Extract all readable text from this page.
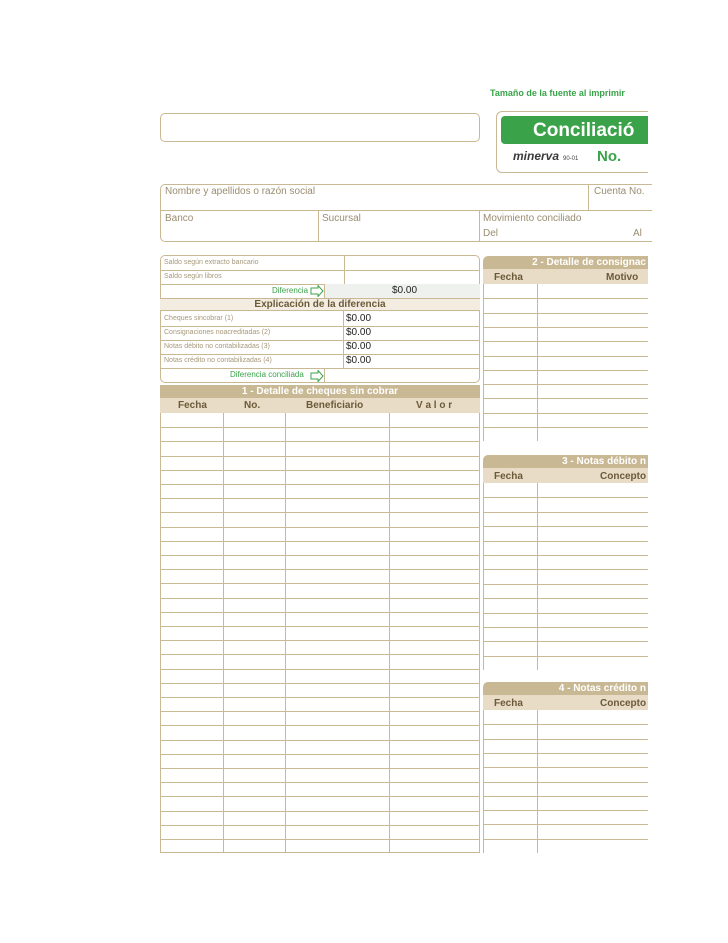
Tamaño de la fuente al imprimir
Conciliació
minerva 90-01 No.
Nombre y apellidos o razón social	Cuenta No.
Banco	Sucursal	Movimiento conciliado
Del	Al
Saldo según extracto bancario
Saldo según libros
Diferencia	$0.00
Explicación de la diferencia
Cheques sincobrar (1)	$0.00
Consignaciones noacreditadas (2)	$0.00
Notas débito no contabilizadas (3)	$0.00
Notas crédito no contabilizadas (4)	$0.00
Diferencia conciliada
1 - Detalle de cheques sin cobrar
Fecha	No.	Beneficiario	V a l o r
2 - Detalle de consignac
Fecha	Motivo
3 - Notas débito n
Fecha	Concepto
4 - Notas crédito n
Fecha	Concepto
